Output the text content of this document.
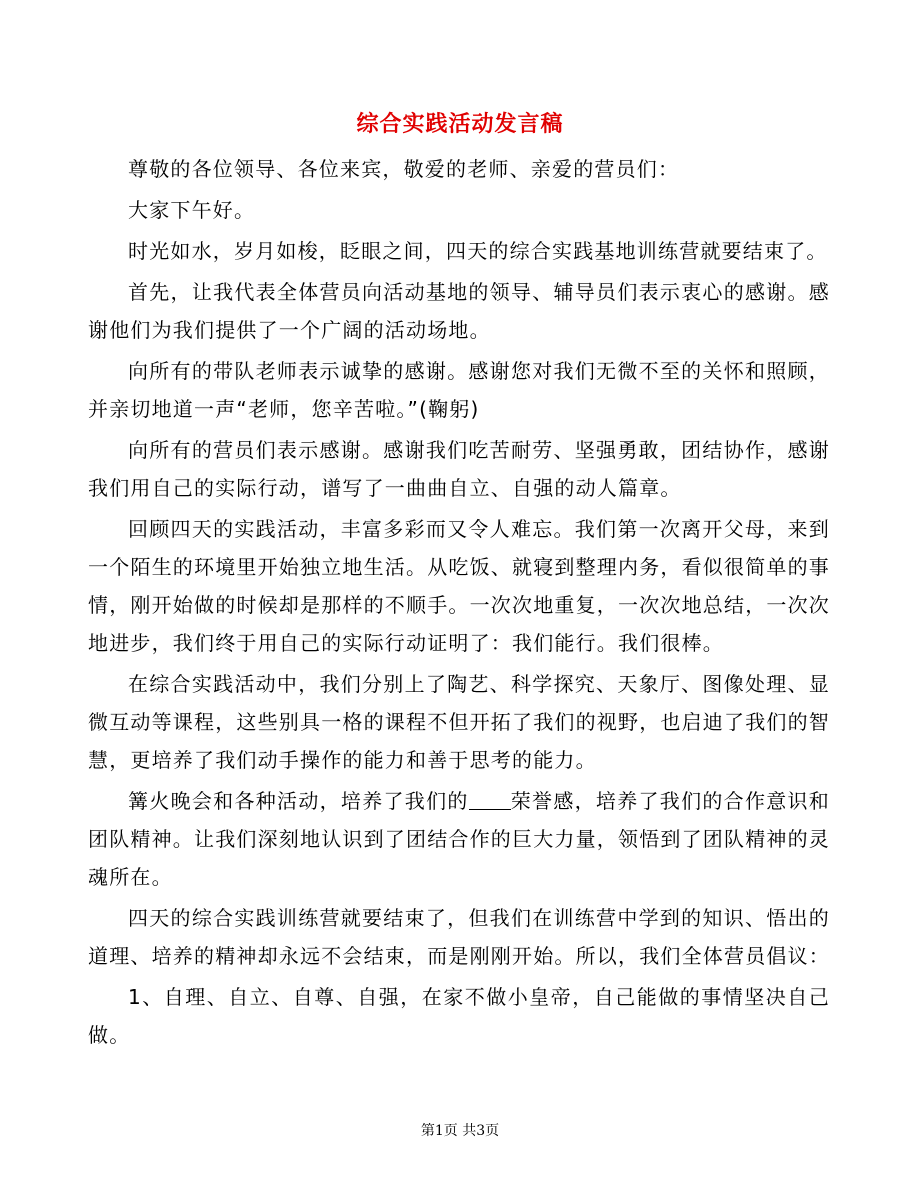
综合实践活动发言稿

尊敬的各位领导、各位来宾，敬爱的老师、亲爱的营员们：

大家下午好。

时光如水，岁月如梭，眨眼之间，四天的综合实践基地训练营就要结束了。

首先，让我代表全体营员向活动基地的领导、辅导员们表示衷心的感谢。感谢他们为我们提供了一个广阔的活动场地。

向所有的带队老师表示诚挚的感谢。感谢您对我们无微不至的关怀和照顾，并亲切地道一声“老师，您辛苦啦。”(鞠躬)

向所有的营员们表示感谢。感谢我们吃苦耐劳、坚强勇敢，团结协作，感谢我们用自己的实际行动，谱写了一曲曲自立、自强的动人篇章。

回顾四天的实践活动，丰富多彩而又令人难忘。我们第一次离开父母，来到一个陌生的环境里开始独立地生活。从吃饭、就寝到整理内务，看似很简单的事情，刚开始做的时候却是那样的不顺手。一次次地重复，一次次地总结，一次次地进步，我们终于用自己的实际行动证明了：我们能行。我们很棒。

在综合实践活动中，我们分别上了陶艺、科学探究、天象厅、图像处理、显微互动等课程，这些别具一格的课程不但开拓了我们的视野，也启迪了我们的智慧，更培养了我们动手操作的能力和善于思考的能力。

篝火晚会和各种活动，培养了我们的 荣誉感，培养了我们的合作意识和团队精神。让我们深刻地认识到了团结合作的巨大力量，领悟到了团队精神的灵魂所在。

四天的综合实践训练营就要结束了，但我们在训练营中学到的知识、悟出的道理、培养的精神却永远不会结束，而是刚刚开始。所以，我们全体营员倡议：

1、自理、自立、自尊、自强，在家不做小皇帝，自己能做的事情坚决自己做。

第1页 共3页
